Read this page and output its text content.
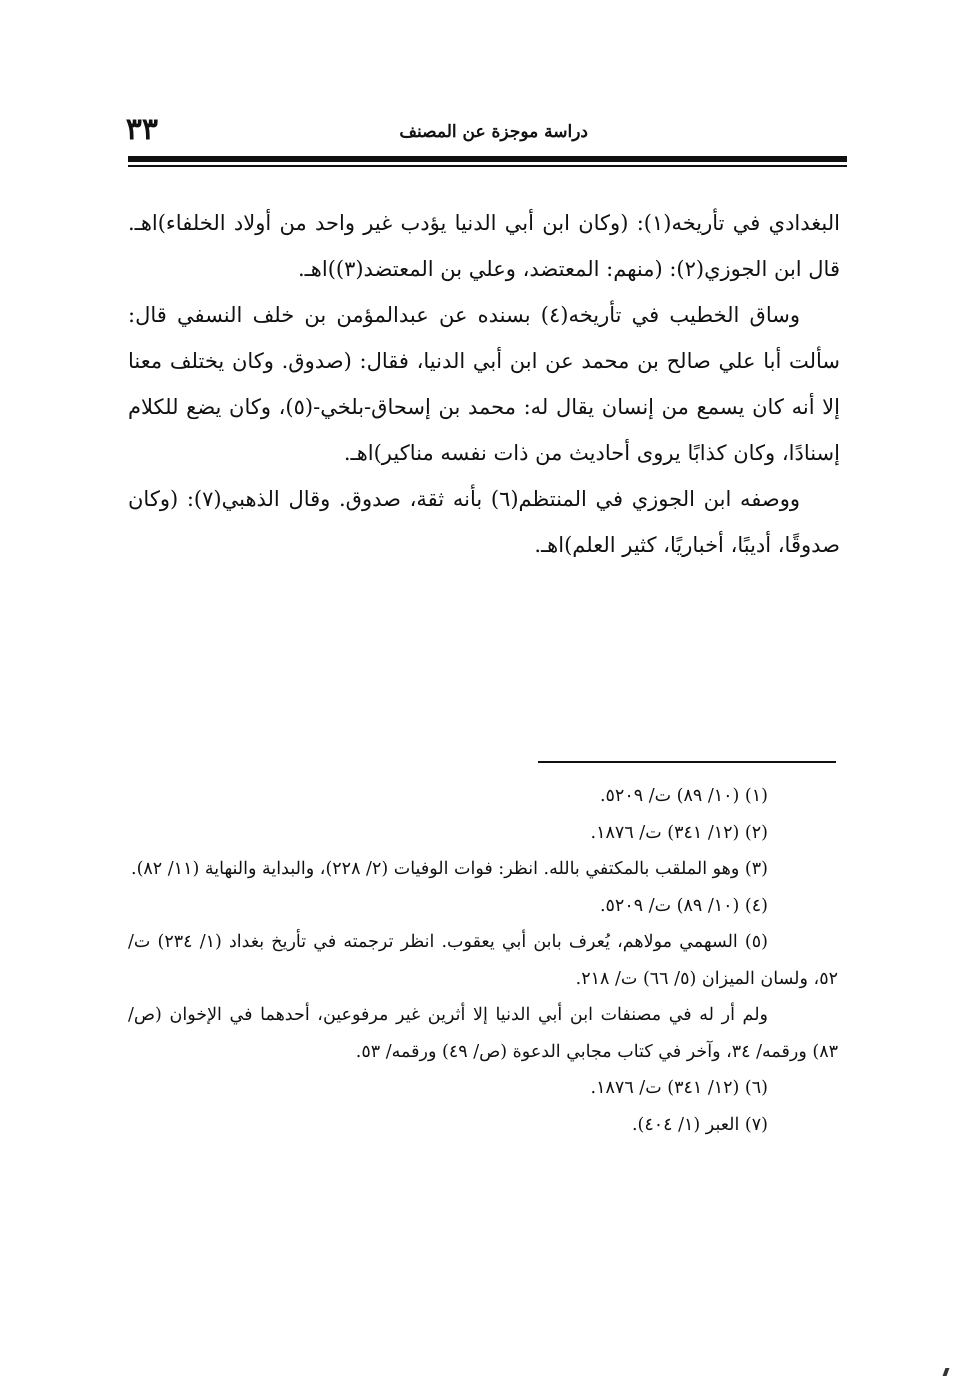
٣٣	دراسة موجزة عن المصنف

البغدادي في تأريخه(١): (وكان ابن أبي الدنيا يؤدب غير واحد من أولاد الخلفاء)اهـ. قال ابن الجوزي(٢): (منهم: المعتضد، وعلي بن المعتضد(٣))اهـ.

وساق الخطيب في تأريخه(٤) بسنده عن عبدالمؤمن بن خلف النسفي قال: سألت أبا علي صالح بن محمد عن ابن أبي الدنيا، فقال: (صدوق. وكان يختلف معنا إلا أنه كان يسمع من إنسان يقال له: محمد بن إسحاق-بلخي-(٥)، وكان يضع للكلام إسنادًا، وكان كذابًا يروى أحاديث من ذات نفسه مناكير)اهـ.

ووصفه ابن الجوزي في المنتظم(٦) بأنه ثقة، صدوق. وقال الذهبي(٧): (وكان صدوقًا، أديبًا، أخباريًا، كثير العلم)اهـ.

(١) (١٠/ ٨٩) ت/ ٥٢٠٩.

(٢) (١٢/ ٣٤١) ت/ ١٨٧٦.

(٣) وهو الملقب بالمكتفي بالله. انظر: فوات الوفيات (٢/ ٢٢٨)، والبداية والنهاية (١١/ ٨٢).

(٤) (١٠/ ٨٩) ت/ ٥٢٠٩.

(٥) السهمي مولاهم، يُعرف بابن أبي يعقوب. انظر ترجمته في تأريخ بغداد (١/ ٢٣٤) ت/ ٥٢، ولسان الميزان (٥/ ٦٦) ت/ ٢١٨.

ولم أر له في مصنفات ابن أبي الدنيا إلا أثرين غير مرفوعين، أحدهما في الإخوان (ص/ ٨٣) ورقمه/ ٣٤، وآخر في كتاب مجابي الدعوة (ص/ ٤٩) ورقمه/ ٥٣.

(٦) (١٢/ ٣٤١) ت/ ١٨٧٦.

(٧) العبر (١/ ٤٠٤).
